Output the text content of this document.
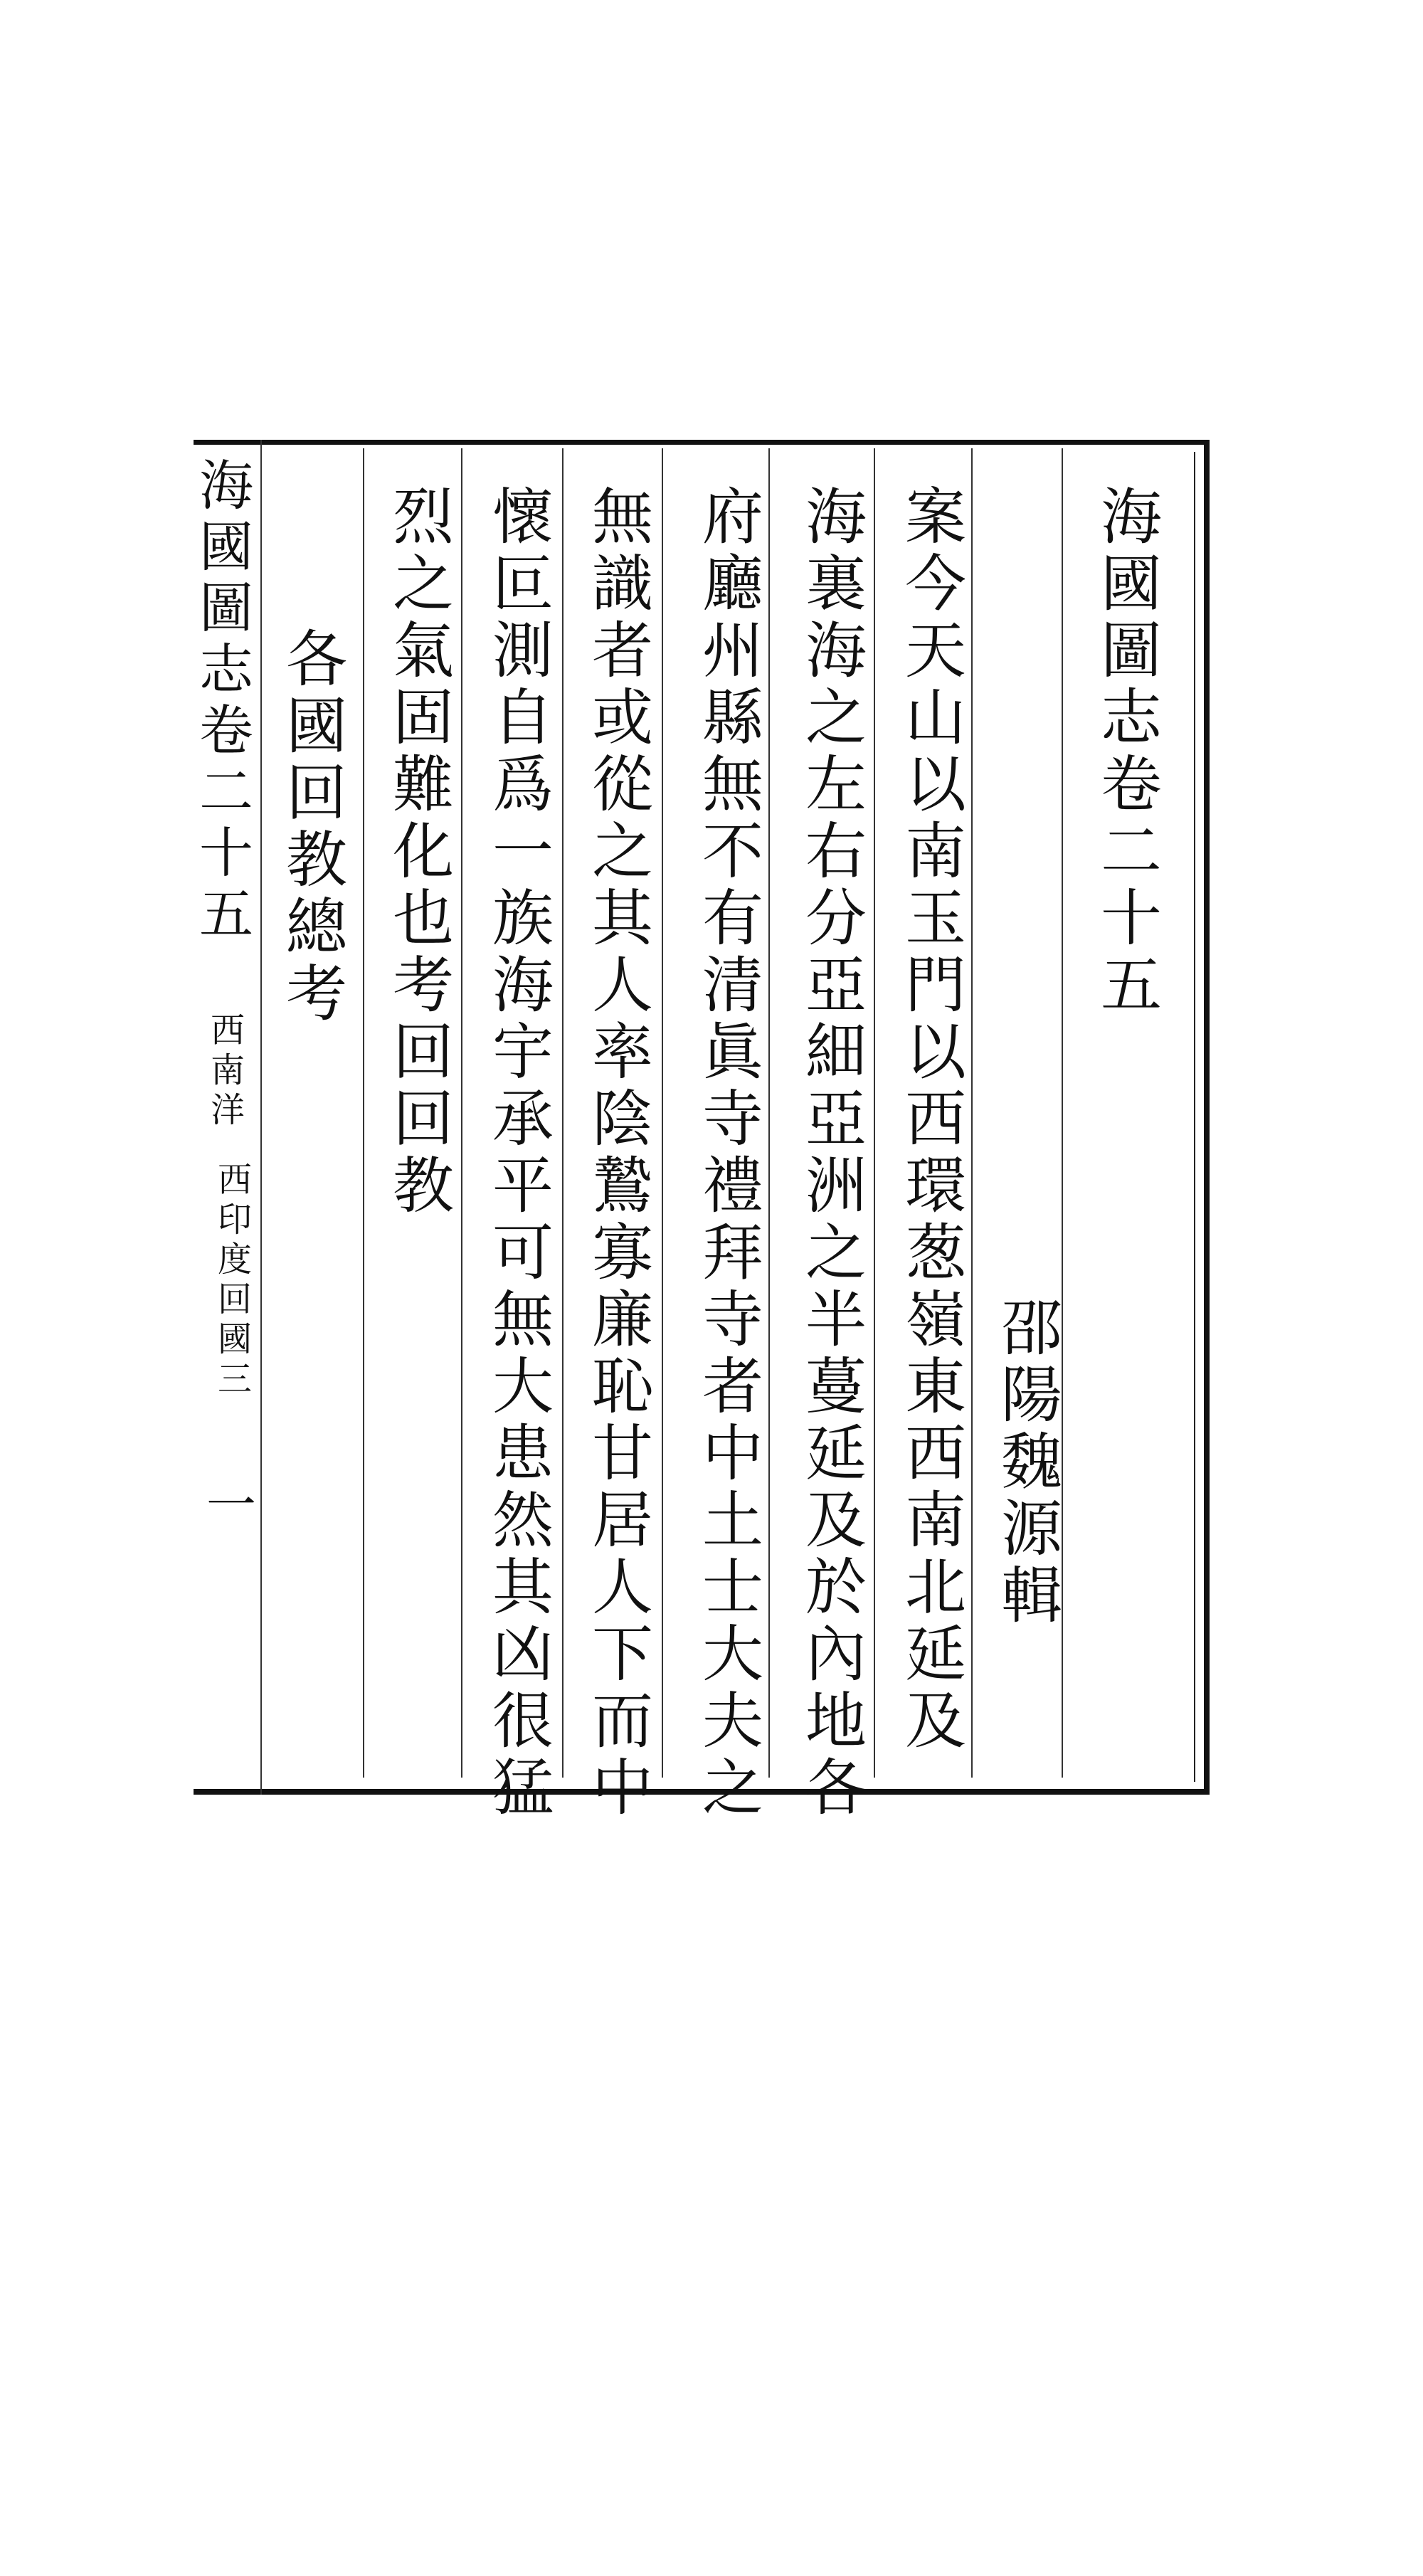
海
國
圖
志
卷
二
十
五
邵
陽
魏
源
輯
案
今
天
山
以
南
玉
門
以
西
環
葱
嶺
東
西
南
北
延
及
海
裏
海
之
左
右
分
亞
細
亞
洲
之
半
蔓
延
及
於
內
地
各
府
廳
州
縣
無
不
有
清
眞
寺
禮
拜
寺
者
中
土
士
大
夫
之
無
識
者
或
從
之
其
人
率
陰
鷙
寡
廉
恥
甘
居
人
下
而
中
懷
叵
測
自
爲
一
族
海
宇
承
平
可
無
大
患
然
其
凶
很
猛
烈
之
氣
固
難
化
也
考
回
回
教
各
國
回
教
總
考
海
國
圖
志
卷
二
十
五
西
南
洋
西
印
度
回
國
三
一
